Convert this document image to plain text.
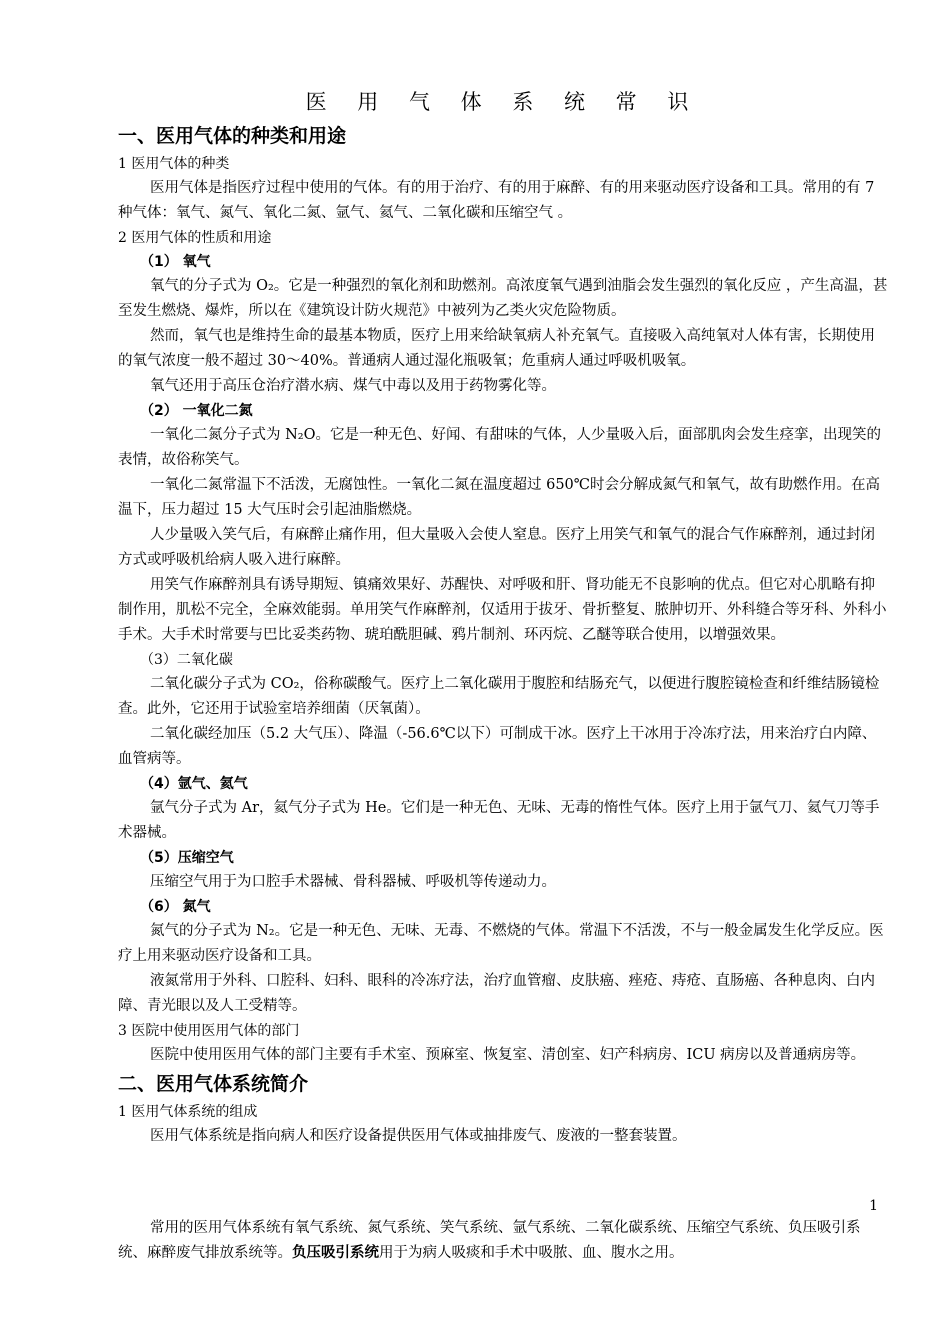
医 用 气 体 系 统 常 识
一、医用气体的种类和用途
1 医用气体的种类

医用气体是指医疗过程中使用的气体。有的用于治疗、有的用于麻醉、有的用来驱动医疗设备和工具。常用的有 7 种气体：氧气、氮气、氧化二氮、氩气、氦气、二氧化碳和压缩空气 。

2 医用气体的性质和用途
（1） 氧气

氧气的分子式为 O₂。它是一种强烈的氧化剂和助燃剂。高浓度氧气遇到油脂会发生强烈的氧化反应 ，产生高温，甚至发生燃烧、爆炸，所以在《建筑设计防火规范》中被列为乙类火灾危险物质。

然而，氧气也是维持生命的最基本物质，医疗上用来给缺氧病人补充氧气。直接吸入高纯氧对人体有害，长期使用的氧气浓度一般不超过 30～40%。普通病人通过湿化瓶吸氧；危重病人通过呼吸机吸氧。

氧气还用于高压仓治疗潜水病、煤气中毒以及用于药物雾化等。

（2） 一氧化二氮

一氧化二氮分子式为 N₂O。它是一种无色、好闻、有甜味的气体，人少量吸入后，面部肌肉会发生痉挛，出现笑的表情，故俗称笑气。

一氧化二氮常温下不活泼，无腐蚀性。一氧化二氮在温度超过 650℃时会分解成氮气和氧气，故有助燃作用。在高温下，压力超过 15 大气压时会引起油脂燃烧。

人少量吸入笑气后，有麻醉止痛作用，但大量吸入会使人窒息。医疗上用笑气和氧气的混合气作麻醉剂，通过封闭方式或呼吸机给病人吸入进行麻醉。

用笑气作麻醉剂具有诱导期短、镇痛效果好、苏醒快、对呼吸和肝、肾功能无不良影响的优点。但它对心肌略有抑制作用，肌松不完全，全麻效能弱。单用笑气作麻醉剂，仅适用于拔牙、骨折整复、脓肿切开、外科缝合等牙科、外科小手术。大手术时常要与巴比妥类药物、琥珀酰胆碱、鸦片制剂、环丙烷、乙醚等联合使用，以增强效果。

（3）二氧化碳

二氧化碳分子式为 CO₂，俗称碳酸气。医疗上二氧化碳用于腹腔和结肠充气，以便进行腹腔镜检查和纤维结肠镜检查。此外，它还用于试验室培养细菌（厌氧菌）。

二氧化碳经加压（5.2 大气压）、降温（-56.6℃以下）可制成干冰。医疗上干冰用于冷冻疗法，用来治疗白内障、血管病等。

（4）氩气、氦气

氩气分子式为 Ar，氦气分子式为 He。它们是一种无色、无味、无毒的惰性气体。医疗上用于氩气刀、氦气刀等手术器械。

（5）压缩空气

压缩空气用于为口腔手术器械、骨科器械、呼吸机等传递动力。

（6） 氮气

氮气的分子式为 N₂。它是一种无色、无味、无毒、不燃烧的气体。常温下不活泼，不与一般金属发生化学反应。医疗上用来驱动医疗设备和工具。

液氮常用于外科、口腔科、妇科、眼科的冷冻疗法，治疗血管瘤、皮肤癌、痤疮、痔疮、直肠癌、各种息肉、白内障、青光眼以及人工受精等。

3 医院中使用医用气体的部门

医院中使用医用气体的部门主要有手术室、预麻室、恢复室、清创室、妇产科病房、ICU 病房以及普通病房等。

二、医用气体系统简介
1 医用气体系统的组成

医用气体系统是指向病人和医疗设备提供医用气体或抽排废气、废液的一整套装置。

1

常用的医用气体系统有氧气系统、氮气系统、笑气系统、氩气系统、二氧化碳系统、压缩空气系统、负压吸引系统、麻醉废气排放系统等。负压吸引系统用于为病人吸痰和手术中吸脓、血、腹水之用。
